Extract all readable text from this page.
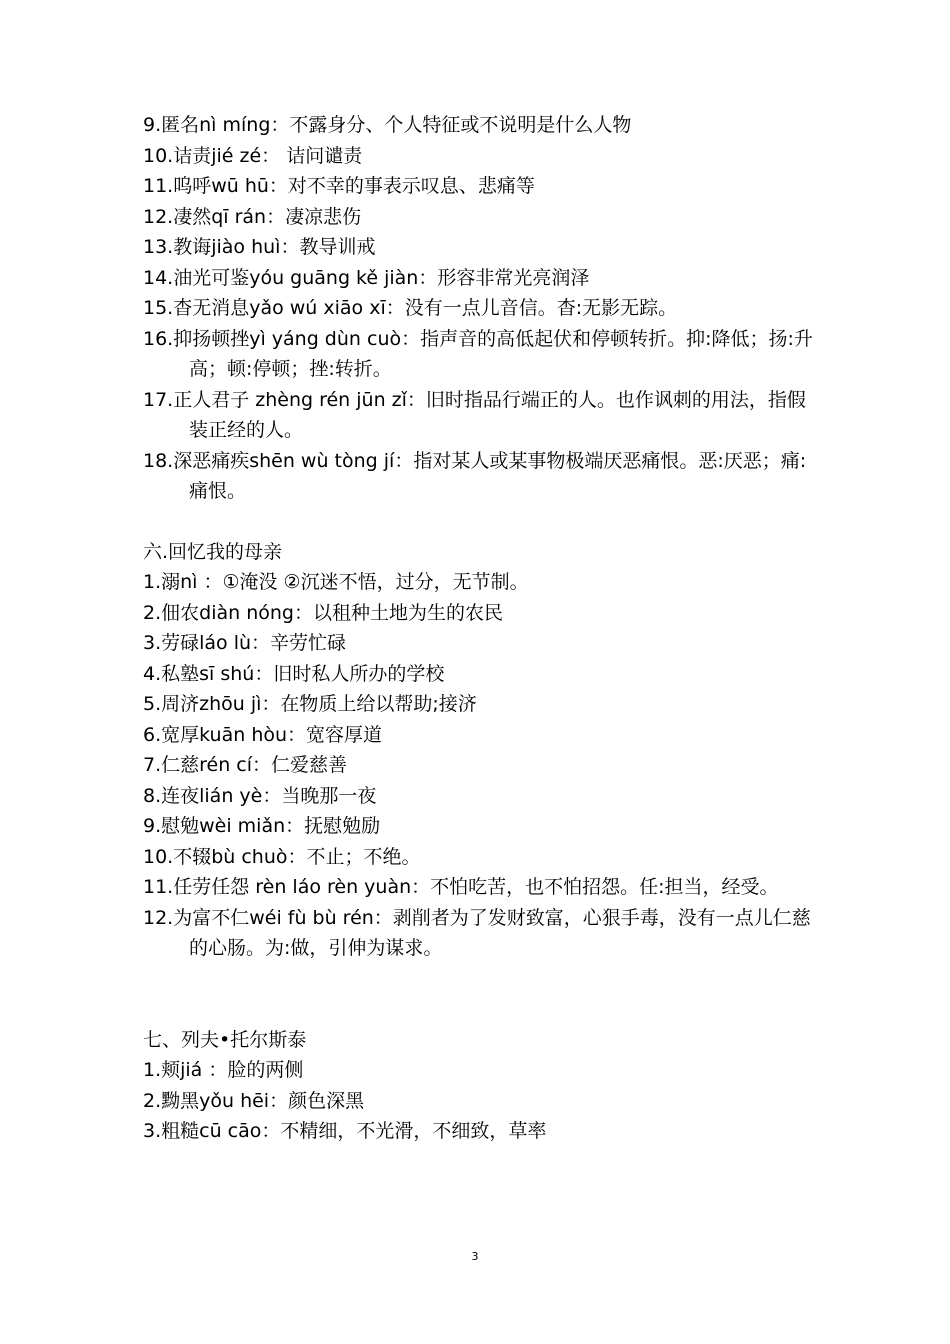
9.匿名nì míng：不露身分、个人特征或不说明是什么人物
10.诘责jié zé： 诘问谴责
11.呜呼wū hū：对不幸的事表示叹息、悲痛等
12.凄然qī rán：凄凉悲伤
13.教诲jiào huì：教导训戒
14.油光可鉴yóu guāng kě jiàn：形容非常光亮润泽
15.杳无消息yǎo wú xiāo xī：没有一点儿音信。杳:无影无踪。
16.抑扬顿挫yì yáng dùn cuò：指声音的高低起伏和停顿转折。抑:降低；扬:升高；顿:停顿；挫:转折。
17.正人君子 zhèng rén jūn zǐ：旧时指品行端正的人。也作讽刺的用法，指假装正经的人。
18.深恶痛疾shēn wù tòng jí：指对某人或某事物极端厌恶痛恨。恶:厌恶；痛:痛恨。
六.回忆我的母亲
1.溺nì ：①淹没 ②沉迷不悟，过分，无节制。
2.佃农diàn nóng：以租种土地为生的农民
3.劳碌láo lù：辛劳忙碌
4.私塾sī shú：旧时私人所办的学校
5.周济zhōu jì：在物质上给以帮助;接济
6.宽厚kuān hòu：宽容厚道
7.仁慈rén cí：仁爱慈善
8.连夜lián yè：当晚那一夜
9.慰勉wèi miǎn：抚慰勉励
10.不辍bù chuò：不止；不绝。
11.任劳任怨 rèn láo rèn yuàn：不怕吃苦，也不怕招怨。任:担当，经受。
12.为富不仁wéi fù bù rén：剥削者为了发财致富，心狠手毒，没有一点儿仁慈的心肠。为:做，引伸为谋求。
七、列夫•托尔斯泰
1.颊jiá ：脸的两侧
2.黝黑yǒu hēi：颜色深黑
3.粗糙cū cāo：不精细，不光滑，不细致，草率
3
